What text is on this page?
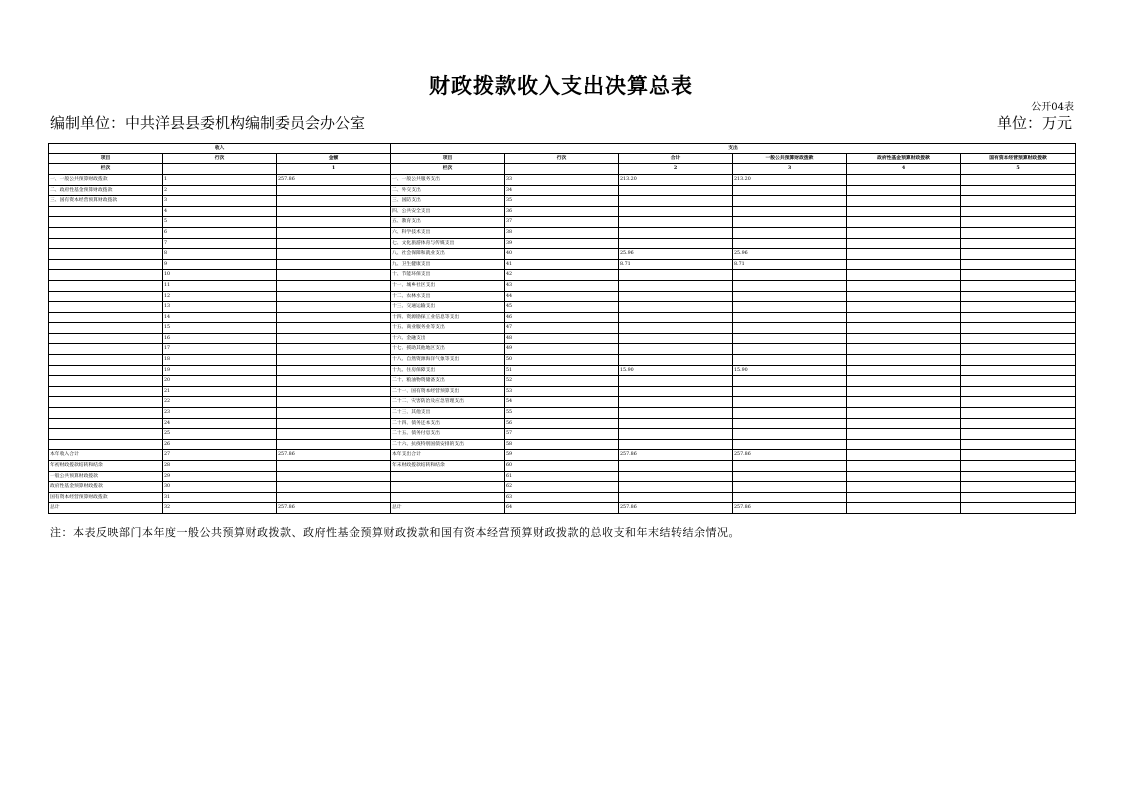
财政拨款收入支出决算总表
公开04表
编制单位：中共洋县县委机构编制委员会办公室	单位：万元
收入			支出					
项目	行次	金额	项目	行次	合计	一般公共预算财政拨款	政府性基金预算财政拨款	国有资本经营预算财政拨款
栏次		1	栏次		2	3	4	5
一、一般公共预算财政拨款	1	257.86	一、一般公共服务支出	33	213.20	213.20		
二、政府性基金预算财政拨款	2		二、外交支出	34				
三、国有资本经营预算财政拨款	3		三、国防支出	35				
	4		四、公共安全支出	36				
	5		五、教育支出	37				
	6		六、科学技术支出	38				
	7		七、文化旅游体育与传媒支出	39				
	8		八、社会保障和就业支出	40	25.96	25.96		
	9		九、卫生健康支出	41	8.71	8.71		
	10		十、节能环保支出	42				
	11		十一、城乡社区支出	43				
	12		十二、农林水支出	44				
	13		十三、交通运输支出	45				
	14		十四、资源勘探工业信息等支出	46				
	15		十五、商业服务业等支出	47				
	16		十六、金融支出	48				
	17		十七、援助其他地区支出	49				
	18		十八、自然资源海洋气象等支出	50				
	19		十九、住房保障支出	51	15.90	15.90		
	20		二十、粮油物资储备支出	52				
	21		二十一、国有资本经营预算支出	53				
	22		二十二、灾害防治及应急管理支出	54				
	23		二十三、其他支出	55				
	24		二十四、债务还本支出	56				
	25		二十五、债务付息支出	57				
	26		二十六、抗疫特别国债安排的支出	58				
本年收入合计	27	257.86	本年支出合计	59	257.86	257.86		
年初财政拨款结转和结余	28		年末财政拨款结转和结余	60				
一般公共预算财政拨款	29			61				
政府性基金预算财政拨款	30			62				
国有资本经营预算财政拨款	31			63				
总计	32	257.86	总计	64	257.86	257.86		
注：本表反映部门本年度一般公共预算财政拨款、政府性基金预算财政拨款和国有资本经营预算财政拨款的总收支和年末结转结余情况。
